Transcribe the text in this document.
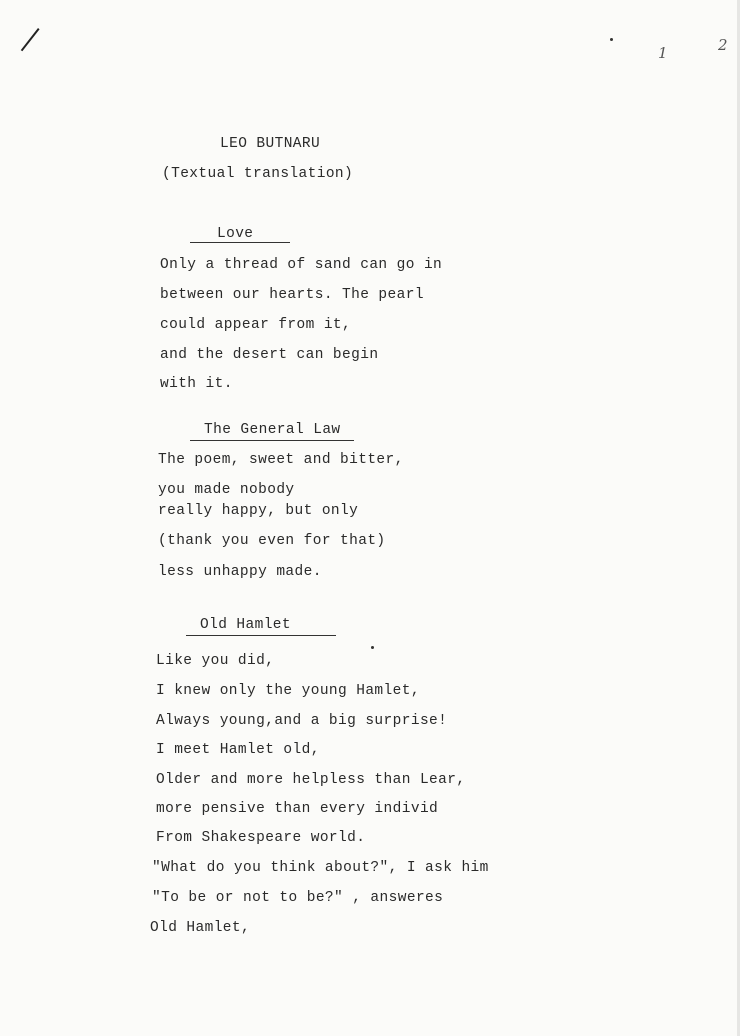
1	2
LEO BUTNARU
(Textual translation)
Love
Only a thread of sand can go in
between our hearts. The pearl
could appear from it,
and the desert can begin
with it.
The General Law
The poem, sweet and bitter,
you made nobody
really happy, but only
(thank you even for that)
less unhappy made.
Old Hamlet
Like you did,
I knew only the young Hamlet,
Always young,and a big surprise!
I meet Hamlet old,
Older and more helpless than Lear,
more pensive than every individ
From Shakespeare world.
"What do you think about?", I ask him
"To be or not to be?" , answeres
Old Hamlet,
